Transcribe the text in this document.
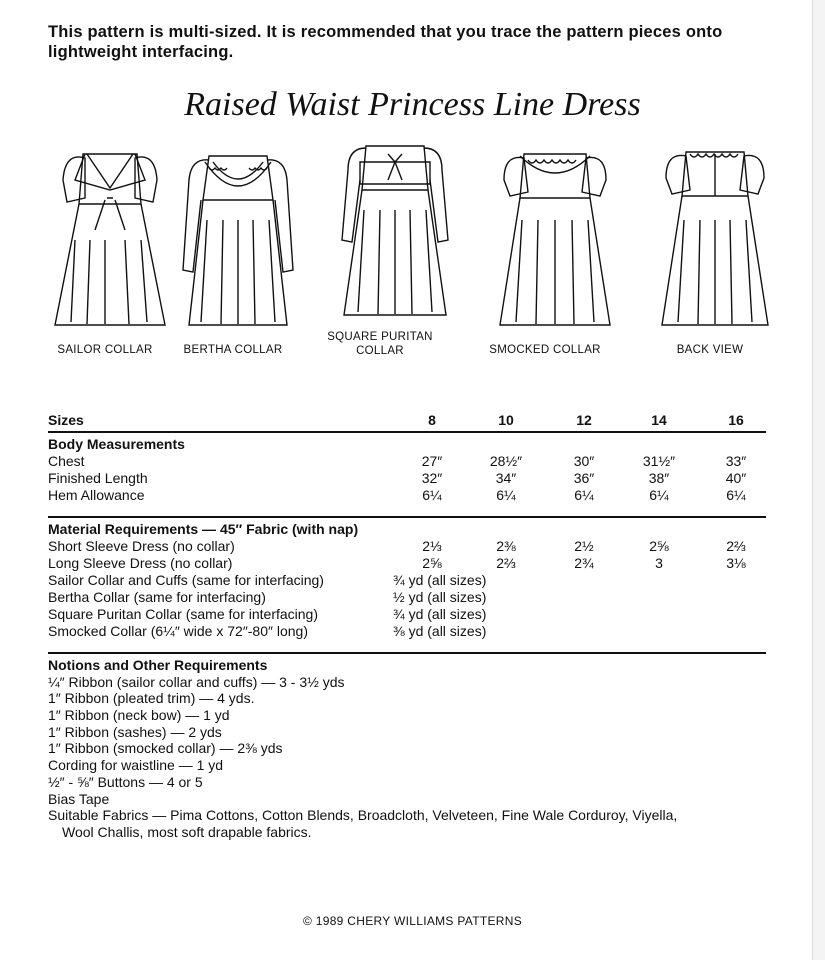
This pattern is multi-sized. It is recommended that you trace the pattern pieces onto lightweight interfacing.
Raised Waist Princess Line Dress
SAILOR COLLAR	BERTHA COLLAR
SQUARE PURITAN COLLAR	SMOCKED COLLAR	BACK VIEW
Sizes	8	10	12	14	16
Body Measurements
Chest	27″	28½″	30″	31½″	33″
Finished Length	32″	34″	36″	38″	40″
Hem Allowance	6¼	6¼	6¼	6¼	6¼
Material Requirements — 45″ Fabric (with nap)
Short Sleeve Dress (no collar)	2⅓	2⅜	2½	2⅝	2⅔
Long Sleeve Dress (no collar)	2⅝	2⅔	2¾	3	3⅛
Sailor Collar and Cuffs (same for interfacing)	¾ yd (all sizes)
Bertha Collar (same for interfacing)	½ yd (all sizes)
Square Puritan Collar (same for interfacing)	¾ yd (all sizes)
Smocked Collar (6¼″ wide x 72″-80″ long)	⅜ yd (all sizes)
Notions and Other Requirements
¼″ Ribbon (sailor collar and cuffs) — 3 - 3½ yds
1″ Ribbon (pleated trim) — 4 yds.
1″ Ribbon (neck bow) — 1 yd
1″ Ribbon (sashes) — 2 yds
1″ Ribbon (smocked collar) — 2⅜ yds
Cording for waistline — 1 yd
½″ - ⅝″ Buttons — 4 or 5
Bias Tape
Suitable Fabrics — Pima Cottons, Cotton Blends, Broadcloth, Velveteen, Fine Wale Corduroy, Viyella,
Wool Challis, most soft drapable fabrics.
© 1989 CHERY WILLIAMS PATTERNS
